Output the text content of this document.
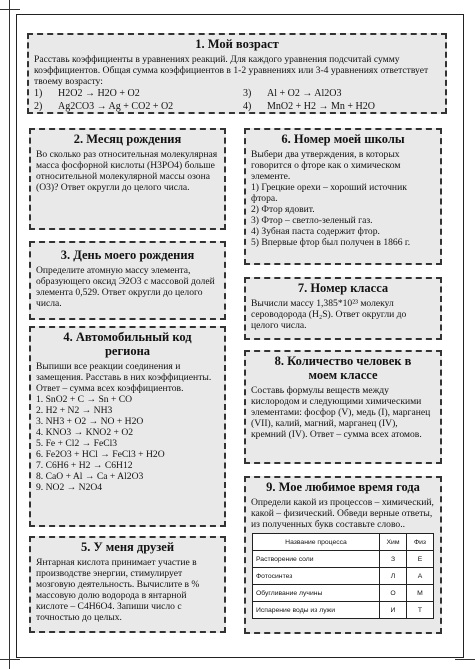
1. Мой возраст
Расставь коэффициенты в уравнениях реакций. Для каждого уравнения подсчитай сумму коэффициентов. Общая сумма коэффициентов в 1-2 уравнениях или 3-4 уравнениях ответствует твоему возрасту:
1)	H2O2 → H2O + O2	3)	Al + O2 → Al2O3
2)	Ag2CO3 → Ag + CO2 + O2	4)	MnO2 + H2 → Mn + H2O
2. Месяц рождения
Во сколько раз относительная молекулярная масса фосфорной кислоты (H3PO4) больше относительной молекулярной массы озона (O3)? Ответ округли до целого числа.
3. День моего рождения
Определите атомную массу элемента, образующего оксид Э2О3 с массовой долей элемента 0,529. Ответ округли до целого числа.
4. Автомобильный код региона
Выпиши все реакции соединения и замещения. Расставь в них коэффициенты. Ответ – сумма всех коэффициентов.

1. SnO2 + C → Sn + CO

2. H2 + N2 → NH3

3. NH3 + O2 → NO + H2O

4. KNO3 → KNO2 + O2

5. Fe + Cl2 → FeCl3

6. Fe2O3 + HCl → FeCl3 + H2O

7. C6H6 + H2 → C6H12

8. CaO + Al → Ca + Al2O3

9. NO2 → N2O4

5. У меня друзей
Янтарная кислота принимает участие в производстве энергии, стимулирует мозговую деятельность. Вычислите в % массовую долю водорода в янтарной кислоте – C4H6O4. Запиши число с точностью до целых.
6. Номер моей школы
Выбери два утверждения, в которых говорится о фторе как о химическом элементе.

1) Грецкие орехи – хороший источник фтора.

2) Фтор ядовит.

3) Фтор – светло-зеленый газ.

4) Зубная паста содержит фтор.

5) Впервые фтор был получен в 1866 г.

7. Номер класса
Вычисли массу 1,385*10²³ молекул сероводорода (H₂S). Ответ округли до целого числа.
8. Количество человек в моем классе
Составь формулы веществ между кислородом и следующими химическими элементами: фосфор (V), медь (I), марганец (VII), калий, магний, марганец (IV), кремний (IV). Ответ – сумма всех атомов.
9. Мое любимое время года
Определи какой из процессов – химический, какой – физический. Обведи верные ответы, из полученных букв составьте слово..
Название процесса	Хим	Физ
Растворение соли	З	Е
Фотосинтез	Л	А
Обугливание лучины	О	М
Испарение воды из лужи	И	Т
